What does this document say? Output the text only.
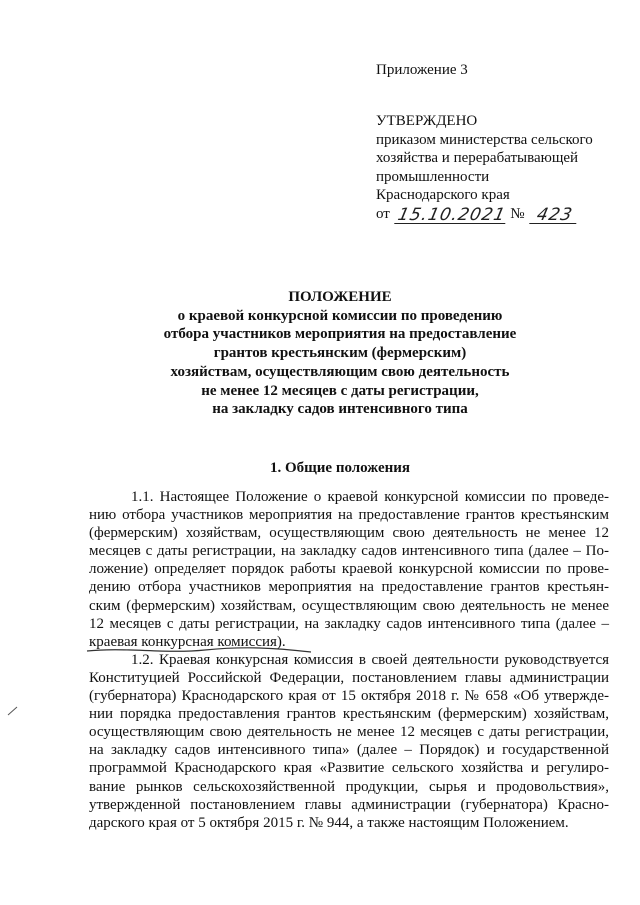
Приложение 3
УТВЕРЖДЕНО
приказом министерства сельского
хозяйства и перерабатывающей
промышленности
Краснодарского края
от 15.10.2021 № 423
ПОЛОЖЕНИЕ
о краевой конкурсной комиссии по проведению
отбора участников мероприятия на предоставление
грантов крестьянским (фермерским)
хозяйствам, осуществляющим свою деятельность
не менее 12 месяцев с даты регистрации,
на закладку садов интенсивного типа
1. Общие положения
1.1. Настоящее Положение о краевой конкурсной комиссии по проведе-
нию отбора участников мероприятия на предоставление грантов крестьянским
(фермерским) хозяйствам, осуществляющим свою деятельность не менее 12
месяцев с даты регистрации, на закладку садов интенсивного типа (далее – По-
ложение) определяет порядок работы краевой конкурсной комиссии по прове-
дению отбора участников мероприятия на предоставление грантов крестьян-
ским (фермерским) хозяйствам, осуществляющим свою деятельность не менее
12 месяцев с даты регистрации, на закладку садов интенсивного типа (далее –
краевая конкурсная комиссия).
1.2. Краевая конкурсная комиссия в своей деятельности руководствуется
Конституцией Российской Федерации, постановлением главы администрации
(губернатора) Краснодарского края от 15 октября 2018 г. № 658 «Об утвержде-
нии порядка предоставления грантов крестьянским (фермерским) хозяйствам,
осуществляющим свою деятельность не менее 12 месяцев с даты регистрации,
на закладку садов интенсивного типа» (далее – Порядок) и государственной
программой Краснодарского края «Развитие сельского хозяйства и регулиро-
вание рынков сельскохозяйственной продукции, сырья и продовольствия»,
утвержденной постановлением главы администрации (губернатора) Красно-
дарского края от 5 октября 2015 г. № 944, а также настоящим Положением.
